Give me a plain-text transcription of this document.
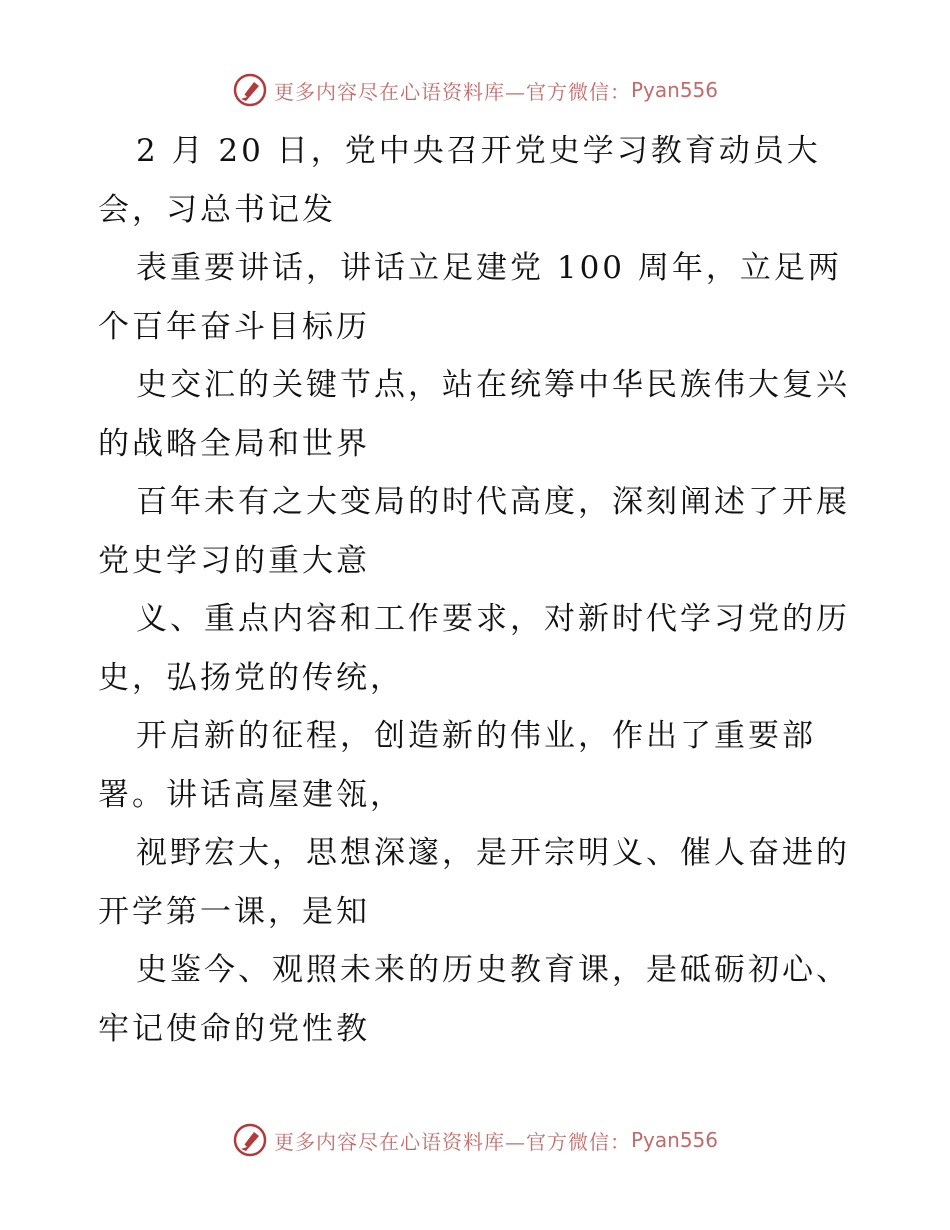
更多内容尽在心语资料库—官方微信： Pyan556
2 月 20 日，党中央召开党史学习教育动员大
会，习总书记发
表重要讲话，讲话立足建党 100 周年，立足两
个百年奋斗目标历
史交汇的关键节点，站在统筹中华民族伟大复兴
的战略全局和世界
百年未有之大变局的时代高度，深刻阐述了开展
党史学习的重大意
义、重点内容和工作要求，对新时代学习党的历
史，弘扬党的传统，
开启新的征程，创造新的伟业，作出了重要部
署。讲话高屋建瓴，
视野宏大，思想深邃，是开宗明义、催人奋进的
开学第一课，是知
史鉴今、观照未来的历史教育课，是砥砺初心、
牢记使命的党性教
更多内容尽在心语资料库—官方微信： Pyan556
